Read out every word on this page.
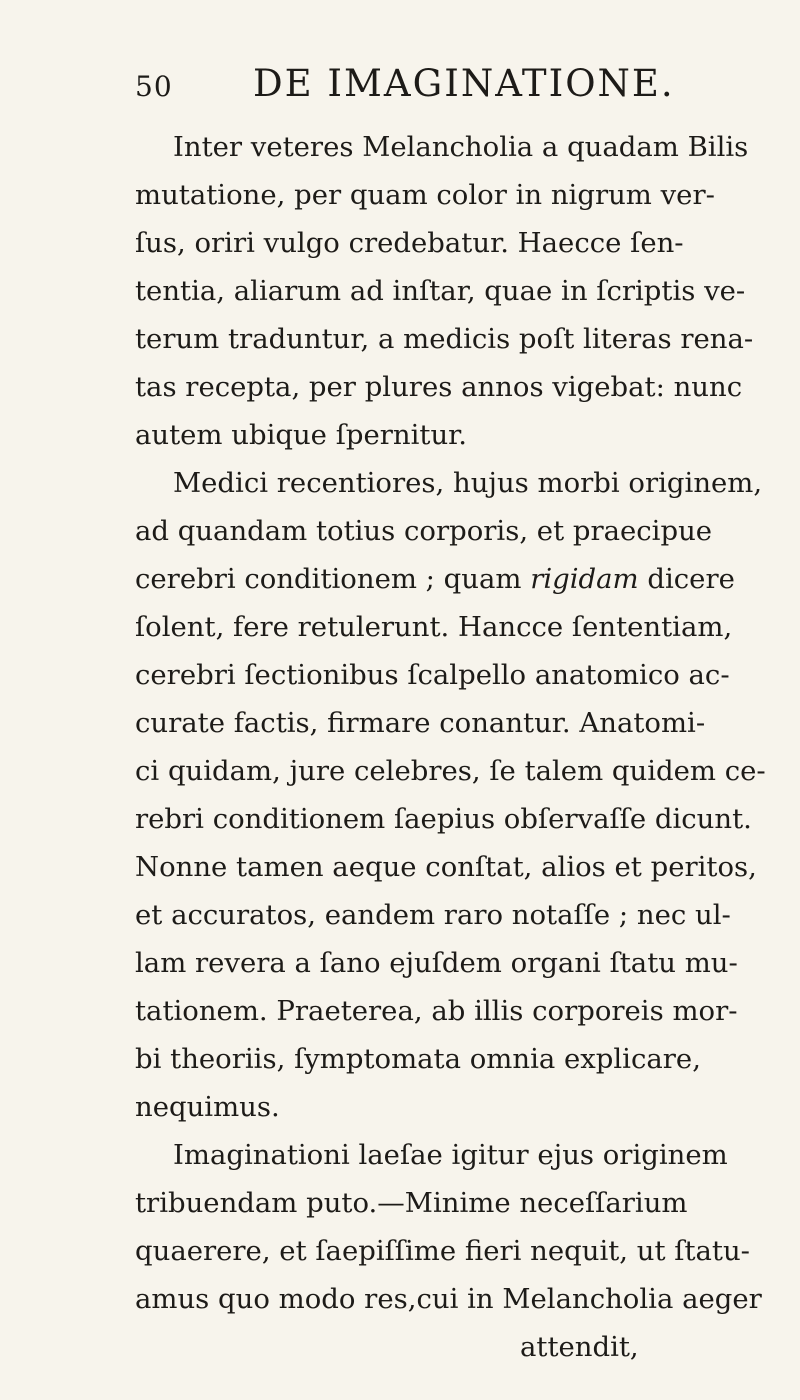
50 DE IMAGINATIONE.
Inter veteres Melancholia a quadam Bilis
mutatione, per quam color in nigrum ver-
ſus, oriri vulgo credebatur. Haecce ſen-
tentia, aliarum ad inſtar, quae in ſcriptis ve-
terum traduntur, a medicis poſt literas rena-
tas recepta, per plures annos vigebat: nunc
autem ubique ſpernitur.
Medici recentiores, hujus morbi originem,
ad quandam totius corporis, et praecipue
cerebri conditionem ; quam rigidam dicere
ſolent, fere retulerunt. Hancce ſententiam,
cerebri ſectionibus ſcalpello anatomico ac-
curate factis, firmare conantur. Anatomi-
ci quidam, jure celebres, ſe talem quidem ce-
rebri conditionem ſaepius obſervaſſe dicunt.
Nonne tamen aeque conſtat, alios et peritos,
et accuratos, eandem raro notaſſe ; nec ul-
lam revera a ſano ejuſdem organi ſtatu mu-
tationem. Praeterea, ab illis corporeis mor-
bi theoriis, ſymptomata omnia explicare,
nequimus.
Imaginationi laeſae igitur ejus originem
tribuendam puto.—Minime neceſſarium
quaerere, et ſaepiſſime fieri nequit, ut ſtatu-
amus quo modo res,cui in Melancholia aeger
attendit,
